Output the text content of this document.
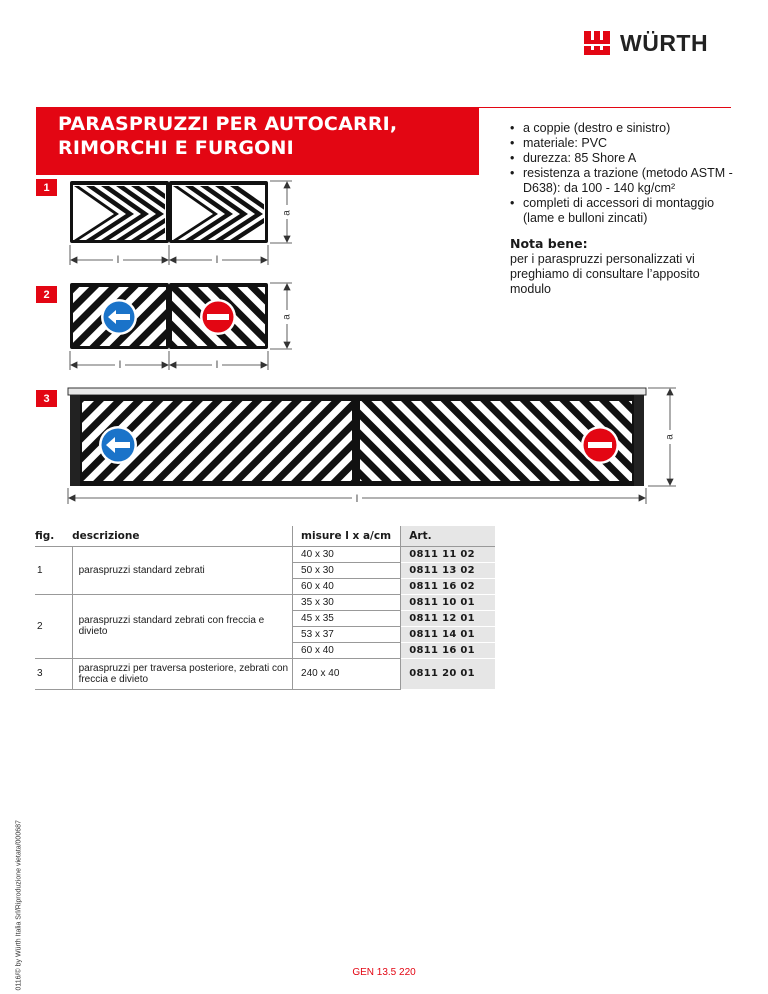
WÜRTH
PARASPRUZZI PER AUTOCARRI, RIMORCHI E FURGONI
• a coppie (destro e sinistro)
• materiale: PVC
• durezza: 85 Shore A
• resistenza a trazione (metodo ASTM - D638): da 100 - 140 kg/cm²
• completi di accessori di montaggio (lame e bulloni zincati)
Nota bene:
per i paraspruzzi personalizzati vi preghiamo di consultare l’apposito modulo
1
2
3
a
l	l
a
l	l
a
l
fig.	descrizione	misure l x a/cm	Art.
1	paraspruzzi standard zebrati	40 x 30	0811 11 02
		50 x 30	0811 13 02
		60 x 40	0811 16 02
2	paraspruzzi standard zebrati con freccia e divieto	35 x 30	0811 10 01
		45 x 35	0811 12 01
		53 x 37	0811 14 01
		60 x 40	0811 16 01
3	paraspruzzi per traversa posteriore, zebrati con freccia e divieto	240 x 40	0811 20 01
0116/© by Würth Italia Srl/Riproduzione vietata/000687	GEN 13.5 220
